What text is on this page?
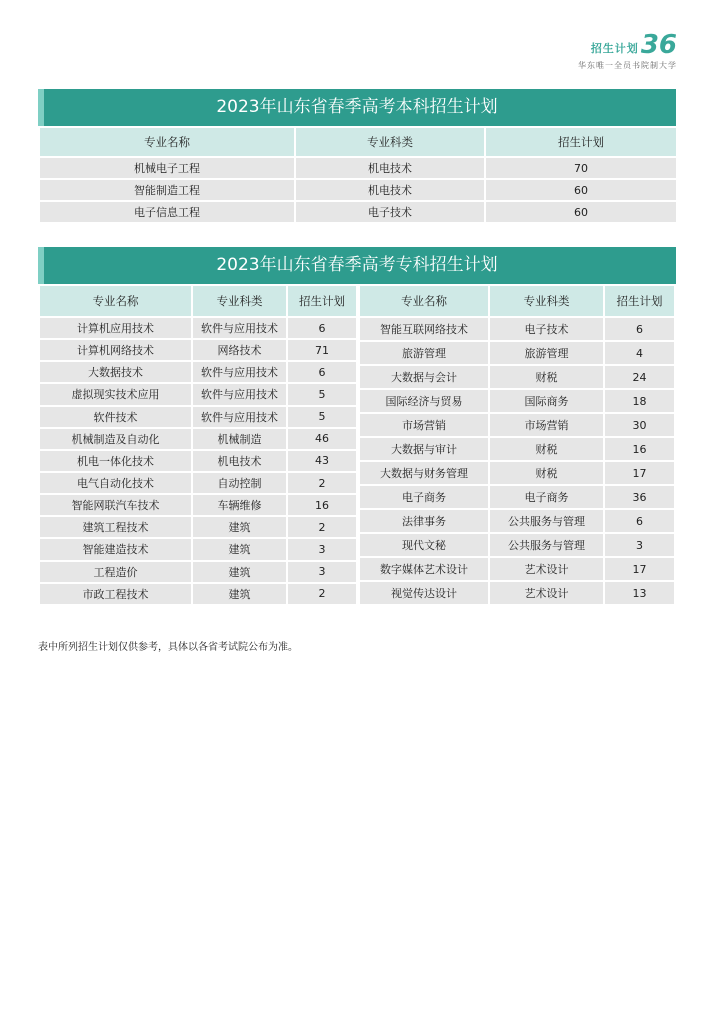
招生计划 36
华东唯一全员书院制大学
2023年山东省春季高考本科招生计划
专业名称	专业科类	招生计划
机械电子工程	机电技术	70
智能制造工程	机电技术	60
电子信息工程	电子技术	60
2023年山东省春季高考专科招生计划
专业名称	专业科类	招生计划
计算机应用技术	软件与应用技术	6
计算机网络技术	网络技术	71
大数据技术	软件与应用技术	6
虚拟现实技术应用	软件与应用技术	5
软件技术	软件与应用技术	5
机械制造及自动化	机械制造	46
机电一体化技术	机电技术	43
电气自动化技术	自动控制	2
智能网联汽车技术	车辆维修	16
建筑工程技术	建筑	2
智能建造技术	建筑	3
工程造价	建筑	3
市政工程技术	建筑	2
专业名称	专业科类	招生计划
智能互联网络技术	电子技术	6
旅游管理	旅游管理	4
大数据与会计	财税	24
国际经济与贸易	国际商务	18
市场营销	市场营销	30
大数据与审计	财税	16
大数据与财务管理	财税	17
电子商务	电子商务	36
法律事务	公共服务与管理	6
现代文秘	公共服务与管理	3
数字媒体艺术设计	艺术设计	17
视觉传达设计	艺术设计	13
表中所列招生计划仅供参考，具体以各省考试院公布为准。
